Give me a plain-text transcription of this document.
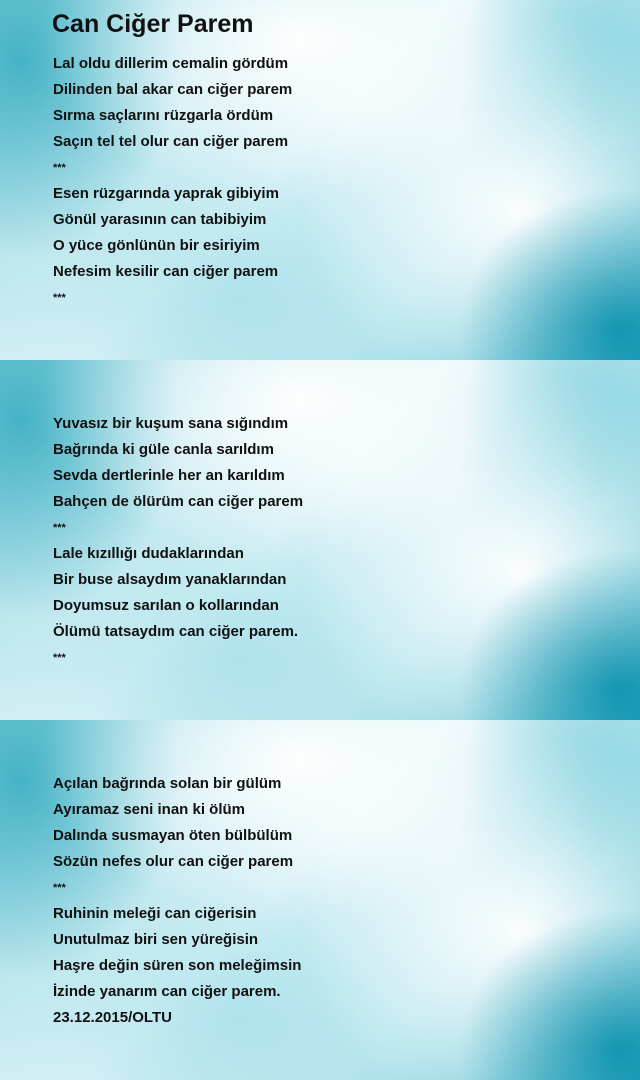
Can Ciğer Parem
Lal oldu dillerim cemalin gördüm
Dilinden bal akar can ciğer parem
Sırma saçlarını rüzgarla ördüm
Saçın tel tel olur can ciğer parem
***
Esen rüzgarında yaprak gibiyim
Gönül yarasının can tabibiyim
O yüce gönlünün bir esiriyim
Nefesim kesilir can ciğer parem
***
Yuvasız bir kuşum sana sığındım
Bağrında ki güle canla sarıldım
Sevda dertlerinle her an karıldım
Bahçen de ölürüm can ciğer parem
***
Lale kızıllığı dudaklarından
Bir buse alsaydım yanaklarından
Doyumsuz sarılan o kollarından
Ölümü tatsaydım can ciğer parem.
***
Açılan bağrında solan bir gülüm
Ayıramaz seni inan ki ölüm
Dalında susmayan öten bülbülüm
Sözün nefes olur can ciğer parem
***
Ruhinin meleği can ciğerisin
Unutulmaz biri sen yüreğisin
Haşre değin süren son meleğimsin
İzinde yanarım can ciğer parem.
23.12.2015/OLTU
